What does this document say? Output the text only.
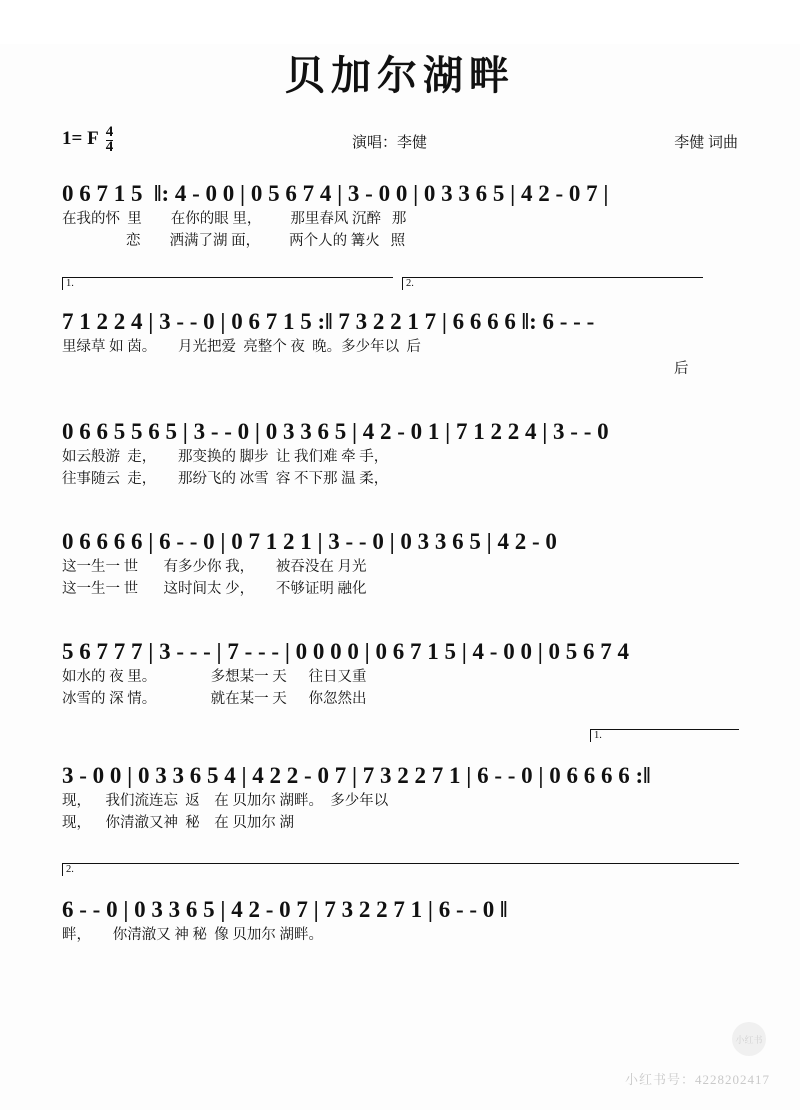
贝加尔湖畔
1= F $\frac{4}{4}$	演唱：李健	李健 词曲
0 6 7 1 5  ‖: 4 - 0 0 | 0 5 6 7 4 | 3 - 0 0 | 0 3 3 6 5 | 4 2 - 0 7 |
在我的怀  里        在你的眼 里，        那里春风 沉醉   那
恋        洒满了湖 面，        两个人的 篝火   照
1.	2.
7 1 2 2 4 | 3 - - 0 | 0 6 7 1 5 :‖ 7 3 2 2 1 7 | 6 6 6 6 ‖: 6 - - -
里绿草 如 茵。      月光把爱  亮整个 夜  晚。多少年以  后
后
0 6 6 5 5 6 5 | 3 - - 0 | 0 3 3 6 5 | 4 2 - 0 1 | 7 1 2 2 4 | 3 - - 0
如云般游  走，      那变换的 脚步  让 我们难 牵 手，
往事随云  走，      那纷飞的 冰雪  容 不下那 温 柔，
0 6 6 6 6 | 6 - - 0 | 0 7 1 2 1 | 3 - - 0 | 0 3 3 6 5 | 4 2 - 0
这一生一 世       有多少你 我，      被吞没在 月光
这一生一 世       这时间太 少，      不够证明 融化
5 6 7 7 7 | 3 - - - | 7 - - - | 0 0 0 0 | 0 6 7 1 5 | 4 - 0 0 | 0 5 6 7 4
如水的 夜 里。               多想某一 天      往日又重
冰雪的 深 情。               就在某一 天      你忽然出
1.
3 - 0 0 | 0 3 3 6 5 4 | 4 2 2 - 0 7 | 7 3 2 2 7 1 | 6 - - 0 | 0 6 6 6 6 :‖
现，    我们流连忘  返    在 贝加尔 湖畔。  多少年以
现，    你清澈又神  秘    在 贝加尔 湖
2.
6 - - 0 | 0 3 3 6 5 | 4 2 - 0 7 | 7 3 2 2 7 1 | 6 - - 0 ‖
畔，      你清澈又 神 秘  像 贝加尔 湖畔。
小红书
小红书号：4228202417
